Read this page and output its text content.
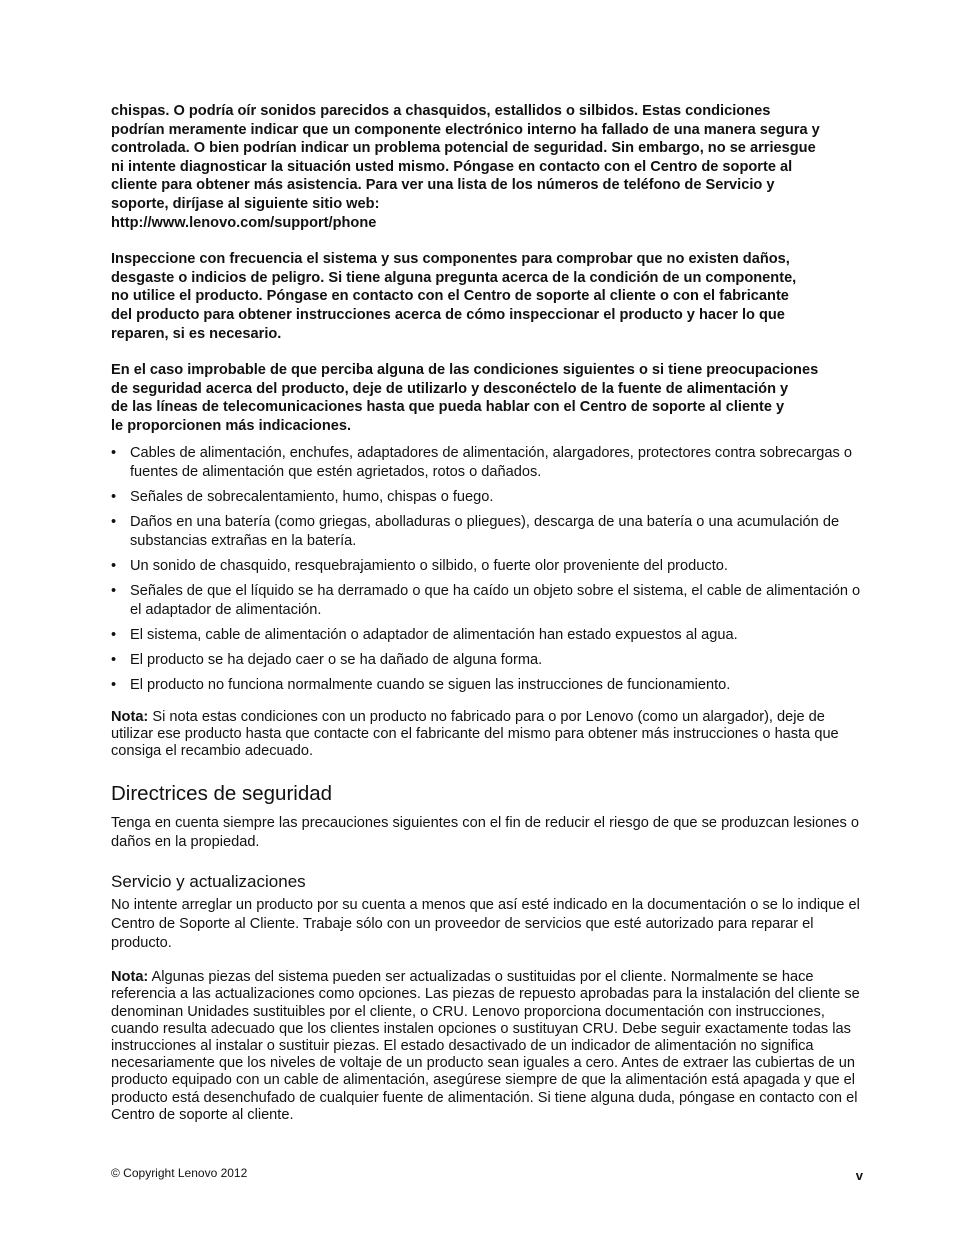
chispas. O podría oír sonidos parecidos a chasquidos, estallidos o silbidos. Estas condiciones
podrían meramente indicar que un componente electrónico interno ha fallado de una manera segura y
controlada. O bien podrían indicar un problema potencial de seguridad. Sin embargo, no se arriesgue
ni intente diagnosticar la situación usted mismo. Póngase en contacto con el Centro de soporte al
cliente para obtener más asistencia. Para ver una lista de los números de teléfono de Servicio y
soporte, diríjase al siguiente sitio web:
http://www.lenovo.com/support/phone

Inspeccione con frecuencia el sistema y sus componentes para comprobar que no existen daños,
desgaste o indicios de peligro. Si tiene alguna pregunta acerca de la condición de un componente,
no utilice el producto. Póngase en contacto con el Centro de soporte al cliente o con el fabricante
del producto para obtener instrucciones acerca de cómo inspeccionar el producto y hacer lo que
reparen, si es necesario.

En el caso improbable de que perciba alguna de las condiciones siguientes o si tiene preocupaciones
de seguridad acerca del producto, deje de utilizarlo y desconéctelo de la fuente de alimentación y
de las líneas de telecomunicaciones hasta que pueda hablar con el Centro de soporte al cliente y
le proporcionen más indicaciones.

• Cables de alimentación, enchufes, adaptadores de alimentación, alargadores, protectores contra sobrecargas o fuentes de alimentación que estén agrietados, rotos o dañados.
• Señales de sobrecalentamiento, humo, chispas o fuego.
• Daños en una batería (como griegas, abolladuras o pliegues), descarga de una batería o una acumulación de substancias extrañas en la batería.
• Un sonido de chasquido, resquebrajamiento o silbido, o fuerte olor proveniente del producto.
• Señales de que el líquido se ha derramado o que ha caído un objeto sobre el sistema, el cable de alimentación o el adaptador de alimentación.
• El sistema, cable de alimentación o adaptador de alimentación han estado expuestos al agua.
• El producto se ha dejado caer o se ha dañado de alguna forma.
• El producto no funciona normalmente cuando se siguen las instrucciones de funcionamiento.

Nota: Si nota estas condiciones con un producto no fabricado para o por Lenovo (como un alargador), deje de utilizar ese producto hasta que contacte con el fabricante del mismo para obtener más instrucciones o hasta que consiga el recambio adecuado.

Directrices de seguridad

Tenga en cuenta siempre las precauciones siguientes con el fin de reducir el riesgo de que se produzcan lesiones o daños en la propiedad.

Servicio y actualizaciones

No intente arreglar un producto por su cuenta a menos que así esté indicado en la documentación o se lo indique el Centro de Soporte al Cliente. Trabaje sólo con un proveedor de servicios que esté autorizado para reparar el producto.

Nota: Algunas piezas del sistema pueden ser actualizadas o sustituidas por el cliente. Normalmente se hace referencia a las actualizaciones como opciones. Las piezas de repuesto aprobadas para la instalación del cliente se denominan Unidades sustituibles por el cliente, o CRU. Lenovo proporciona documentación con instrucciones, cuando resulta adecuado que los clientes instalen opciones o sustituyan CRU. Debe seguir exactamente todas las instrucciones al instalar o sustituir piezas. El estado desactivado de un indicador de alimentación no significa necesariamente que los niveles de voltaje de un producto sean iguales a cero. Antes de extraer las cubiertas de un producto equipado con un cable de alimentación, asegúrese siempre de que la alimentación está apagada y que el producto está desenchufado de cualquier fuente de alimentación. Si tiene alguna duda, póngase en contacto con el Centro de soporte al cliente.

© Copyright Lenovo 2012	v
